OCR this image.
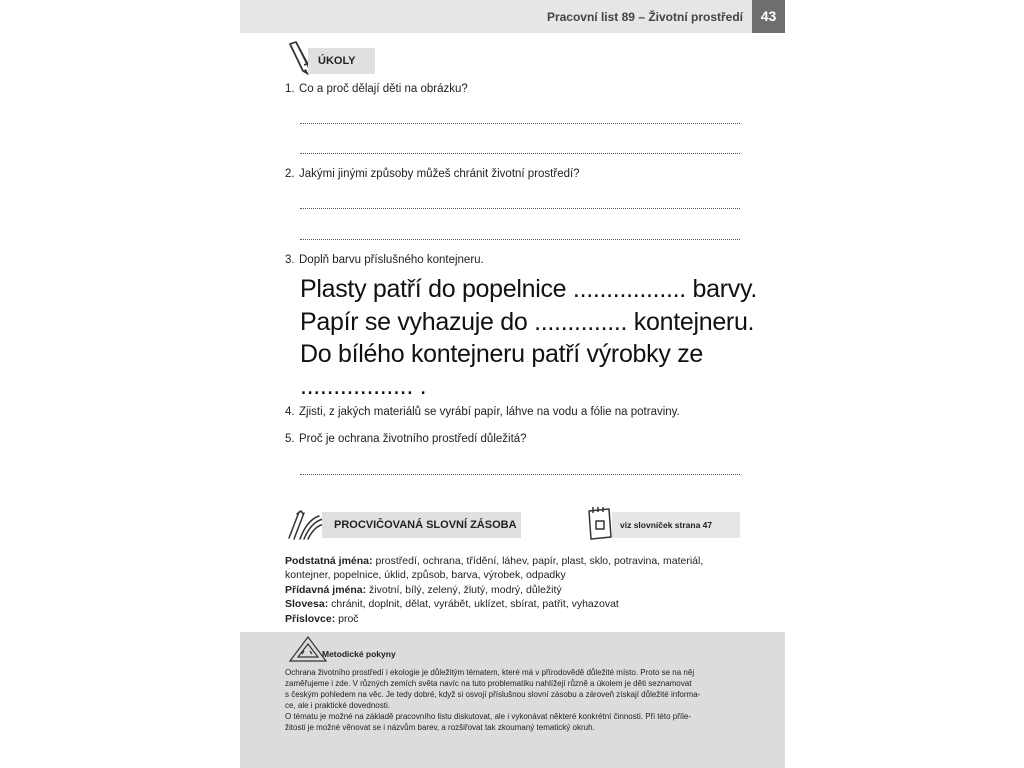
Pracovní list 89 – Životní prostředí	43
ÚKOLY
1. Co a proč dělají děti na obrázku?
2. Jakými jinými způsoby můžeš chránit životní prostředí?
3. Doplň barvu příslušného kontejneru.
Plasty patří do popelnice ................. barvy.
Papír se vyhazuje do .............. kontejneru.
Do bílého kontejneru patří výrobky ze
................. .
4. Zjisti, z jakých materiálů se vyrábí papír, láhve na vodu a fólie na potraviny.
5. Proč je ochrana životního prostředí důležitá?
PROCVIČOVANÁ SLOVNÍ ZÁSOBA	viz slovníček strana 47
Podstatná jména: prostředí, ochrana, třídění, láhev, papír, plast, sklo, potravina, materiál,
kontejner, popelnice, úklid, způsob, barva, výrobek, odpadky
Přídavná jména: životní, bílý, zelený, žlutý, modrý, důležitý
Slovesa: chránit, doplnit, dělat, vyrábět, uklízet, sbírat, patřit, vyhazovat
Příslovce: proč
Metodické pokyny
Ochrana životního prostředí i ekologie je důležitým tématem, které má v přírodovědě důležité místo. Proto se na něj
zaměřujeme i zde. V různých zemích světa navíc na tuto problematiku nahlížejí různě a úkolem je děti seznamovat
s českým pohledem na věc. Je tedy dobré, když si osvojí příslušnou slovní zásobu a zároveň získají důležité informa-
ce, ale i praktické dovednosti.
O tématu je možné na základě pracovního listu diskutovat, ale i vykonávat některé konkrétní činnosti. Při této příle-
žitosti je možné věnovat se i názvům barev, a rozšiřovat tak zkoumaný tematický okruh.
